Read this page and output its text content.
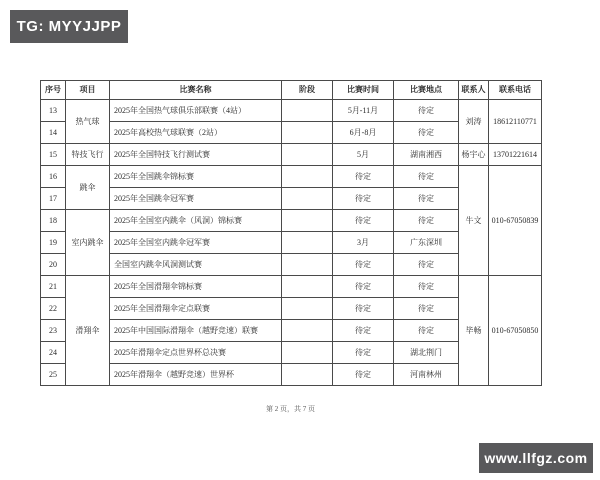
TG: MYYJJPP
序号	项目	比赛名称	阶段	比赛时间	比赛地点	联系人	联系电话
13	热气球	2025年全国热气球俱乐部联赛（4站）		5月-11月	待定	刘涛	18612110771
14		2025年高校热气球联赛（2站）		6月-8月	待定		
15	特技飞行	2025年全国特技飞行测试赛		5月	湖南湘西	杨宇心	13701221614
16	跳伞	2025年全国跳伞锦标赛		待定	待定	牛文	010-67050839
17		2025年全国跳伞冠军赛		待定	待定		
18	室内跳伞	2025年全国室内跳伞（风洞）锦标赛		待定	待定		
19		2025年全国室内跳伞冠军赛		3月	广东深圳		
20		全国室内跳伞风洞测试赛		待定	待定		
21	滑翔伞	2025年全国滑翔伞锦标赛		待定	待定	毕畅	010-67050850
22		2025年全国滑翔伞定点联赛		待定	待定		
23		2025年中国国际滑翔伞（越野竞速）联赛		待定	待定		
24		2025年滑翔伞定点世界杯总决赛		待定	湖北荆门		
25		2025年滑翔伞（越野竞速）世界杯		待定	河南林州		
第 2 页，共 7 页
www.llfgz.com
